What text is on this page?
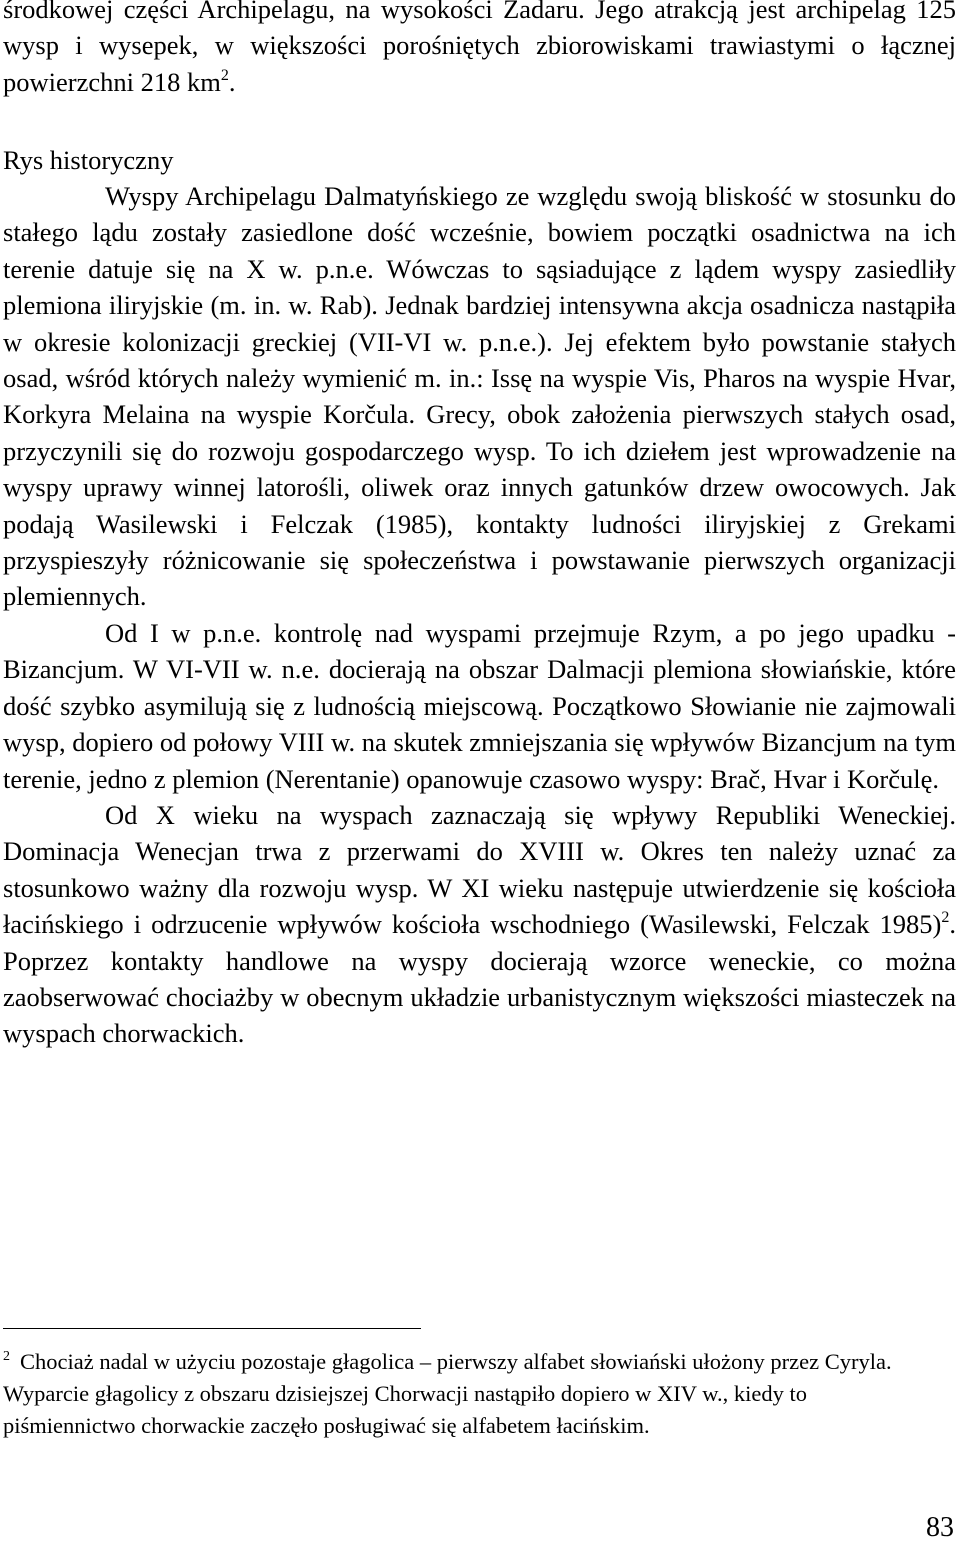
środkowej części Archipelagu, na wysokości Zadaru. Jego atrakcją jest archipelag 125 wysp i wysepek, w większości porośniętych zbiorowiskami trawiastymi o łącznej powierzchni 218 $km^2$.

Rys historyczny

Wyspy Archipelagu Dalmatyńskiego ze względu swoją bliskość w stosunku do stałego lądu zostały zasiedlone dość wcześnie, bowiem początki osadnictwa na ich terenie datuje się na X w. p.n.e. Wówczas to sąsiadujące z lądem wyspy zasiedliły plemiona iliryjskie (m. in. w. Rab). Jednak bardziej intensywna akcja osadnicza nastąpiła w okresie kolonizacji greckiej (VII-VI w. p.n.e.). Jej efektem było powstanie stałych osad, wśród których należy wymienić m. in.: Issę na wyspie Vis, Pharos na wyspie Hvar, Korkyra Melaina na wyspie Korčula. Grecy, obok założenia pierwszych stałych osad, przyczynili się do rozwoju gospodarczego wysp. To ich dziełem jest wprowadzenie na wyspy uprawy winnej latorośli, oliwek oraz innych gatunków drzew owocowych. Jak podają Wasilewski i Felczak (1985), kontakty ludności iliryjskiej z Grekami przyspieszyły różnicowanie się społeczeństwa i powstawanie pierwszych organizacji plemiennych.

Od I w p.n.e. kontrolę nad wyspami przejmuje Rzym, a po jego upadku - Bizancjum. W VI-VII w. n.e. docierają na obszar Dalmacji plemiona słowiańskie, które dość szybko asymilują się z ludnością miejscową. Początkowo Słowianie nie zajmowali wysp, dopiero od połowy VIII w. na skutek zmniejszania się wpływów Bizancjum na tym terenie, jedno z plemion (Nerentanie) opanowuje czasowo wyspy: Brač, Hvar i Korčulę.

Od X wieku na wyspach zaznaczają się wpływy Republiki Weneckiej. Dominacja Wenecjan trwa z przerwami do XVIII w. Okres ten należy uznać za stosunkowo ważny dla rozwoju wysp. W XI wieku następuje utwierdzenie się kościoła łacińskiego i odrzucenie wpływów kościoła wschodniego (Wasilewski, Felczak 1985)$^2$. Poprzez kontakty handlowe na wyspy docierają wzorce weneckie, co można zaobserwować chociażby w obecnym układzie urbanistycznym większości miasteczek na wyspach chorwackich.

$^2$ Chociaż nadal w użyciu pozostaje głagolica – pierwszy alfabet słowiański ułożony przez Cyryla. Wyparcie głagolicy z obszaru dzisiejszej Chorwacji nastąpiło dopiero w XIV w., kiedy to piśmiennictwo chorwackie zaczęło posługiwać się alfabetem łacińskim.

83
